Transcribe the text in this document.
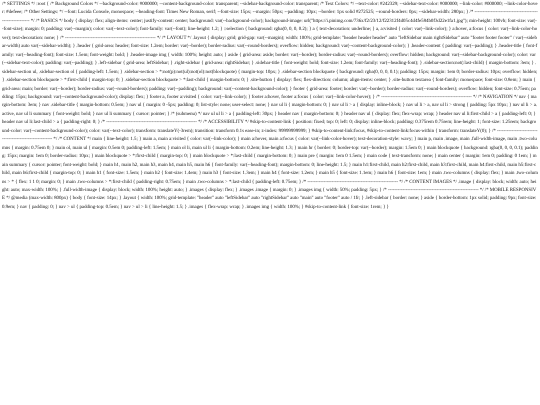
/* SETTINGS */ :root { /* Background Colors */ --background-color: #000000; --content-background-color: transparent; --sidebar-background-color: transparent; /* Text Colors: */ --text-color: #242329; --sidebar-text-color: #000000; --link-color: #000000; --link-color-hover: #defeee; /* Other Settings: */ --font: Lucida Console, monospace; --heading-font: Times New Roman, serif; --font-size: 15px; --margin: 50px; --padding: 10px; --border: 1px solid #272525; --round-borders: 0px; --sidebar-width: 280px; } /* -------------------------------------------------------- */ /* BASICS */ body { display: flex; align-items: center; justify-content: center; background: var(--background-color); background-image: url("https://i.pinimg.com/736x/f2/23/12/f22312f4d05c4d4fe584b0f3d22e1fa1.jpg"); min-height: 100vh; font-size: var(--font-size); margin: 0; padding: var(--margin); color: var(--text-color); font-family: var(--font); line-height: 1.2; } ::selection { background: rgba(0, 0, 0, 0.2); } a { text-decoration: underline; } a, a:visited { color: var(--link-color); } a:hover, a:focus { color: var(--link-color-hover); text-decoration: none; } /* -------------------------------------------------------- */ /* LAYOUT */ .layout { display: grid; grid-gap: var(--margin); width: 100%; grid-template: "header header header" auto "leftSidebar main rightSidebar" auto "footer footer footer" / var(--sidebar-width) auto var(--sidebar-width); } .header { grid-area: header; font-size: 1.2em; border: var(--border); border-radius: var(--round-borders); overflow: hidden; background: var(--content-background-color); } .header-content { padding: var(--padding); } .header-title { font-family: var(--heading-font); font-size: 1.5em; font-weight: bold; } .header-image img { width: 100%; height: auto; } aside { grid-area: aside; border: var(--border); border-radius: var(--round-borders); overflow: hidden; background: var(--sidebar-background-color); color: var(--sidebar-text-color); padding: var(--padding); } .left-sidebar { grid-area: leftSidebar; } .right-sidebar { grid-area: rightSidebar; } .sidebar-title { font-weight: bold; font-size: 1.2em; font-family: var(--heading-font); } .sidebar-section:not(:last-child) { margin-bottom: 3em; } .sidebar-section ul, .sidebar-section ol { padding-left: 1.5em; } .sidebar-section > *:not(p):not(ul):not(ol):not(blockquote) { margin-top: 10px; } .sidebar-section blockquote { background: rgba(0, 0, 0, 0.1); padding: 15px; margin: 1em 0; border-radius: 10px; overflow: hidden; } .sidebar-section blockquote > *:first-child { margin-top: 0; } .sidebar-section blockquote > *:last-child { margin-bottom: 0; } .site-button { display: flex; flex-direction: column; align-items: center; } .site-button textarea { font-family: monospace; font-size: 0.8em; } main { grid-area: main; border: var(--border); border-radius: var(--round-borders); padding: var(--padding); background: var(--content-background-color); } footer { grid-area: footer; border: var(--border); border-radius: var(--round-borders); overflow: hidden; font-size: 0.75em; padding: 15px; background: var(--content-background-color); display: flex; } footer a, footer a:visited { color: var(--link-color); } footer a:hover, footer a:focus { color: var(--link-color-hover); } /* -------------------------------------------------------- */ /* NAVIGATION */ nav { margin-bottom: 3em; } nav .sidebar-title { margin-bottom: 0.5em; } nav ul { margin: 0 -5px; padding: 0; list-style: none; user-select: none; } nav ul li { margin-bottom: 0; } nav ul li > a { display: inline-block; } nav ul li > a, nav ul li > strong { padding: 5px 10px; } nav ul li > a.active, nav ul li summary { font-weight: bold; } nav ul li summary { cursor: pointer; } /* (submenu) */ nav ul ul li > a { padding-left: 30px; } header nav { margin-bottom: 0; } header nav ul { display: flex; flex-wrap: wrap; } header nav ul li:first-child > a { padding-left: 0; } header nav ul li:last-child > a { padding-right: 0; } /* -------------------------------------------------------- */ /* ACCESSIBILITY */ #skip-to-content-link { position: fixed; top: 0; left: 0; display: inline-block; padding: 0.375rem 0.75rem; line-height: 1; font-size: 1.25rem; background-color: var(--content-background-color); color: var(--text-color); transform: translateY(-3rem); transition: transform 0.1s ease-in; z-index: 99999999999; } #skip-to-content-link:focus, #skip-to-content-link:focus-within { transform: translateY(0); } /* -------------------------------------------------------- */ /* CONTENT */ main { line-height: 1.5; } main a, main a:visited { color: var(--link-color); } main a:hover, main a:focus { color: var(--link-color-hover); text-decoration-style: wavy; } main p, main .image, main .full-width-image, main .two-columns { margin: 0.75em 0; } main ol, main ul { margin: 0.5em 0; padding-left: 1.5em; } main ol li, main ul li { margin-bottom: 0.2em; line-height: 1.3; } main hr { border: 0; border-top: var(--border); margin: 1.5em 0; } main blockquote { background: rgba(0, 0, 0, 0.1); padding: 15px; margin: 1em 0; border-radius: 10px; } main blockquote > *:first-child { margin-top: 0; } main blockquote > *:last-child { margin-bottom: 0; } main pre { margin: 1em 0 1.5em; } main code { text-transform: none; } main center { margin: 1em 0; padding: 0 1em; } main summary { cursor: pointer; font-weight: bold; } main h1, main h2, main h3, main h4, main h5, main h6 { font-family: var(--heading-font); margin-bottom: 0; line-height: 1.5; } main h1:first-child, main h2:first-child, main h3:first-child, main h4:first-child, main h5:first-child, main h6:first-child { margin-top: 0; } main h1 { font-size: 1.5em; } main h2 { font-size: 1.4em; } main h3 { font-size: 1.3em; } main h4 { font-size: 1.2em; } main h5 { font-size: 1.1em; } main h6 { font-size: 1em; } main .two-columns { display: flex; } main .two-columns > * { flex: 1 1 0; margin: 0; } main .two-columns > *:first-child { padding-right: 0.75em; } main .two-columns > *:last-child { padding-left: 0.75em; } /* -------------------------------------------------------- */ /* CONTENT IMAGES */ .image { display: block; width: auto; height: auto; max-width: 100%; } .full-width-image { display: block; width: 100%; height: auto; } .images { display: flex; } .images .image { margin: 0; } .images img { width: 50%; padding: 5px; } /* -------------------------------------------------------- */ /* MOBILE RESPONSIVE */ @media (max-width: 800px) { body { font-size: 14px; } .layout { width: 100%; grid-template: "header" auto "leftSidebar" auto "rightSidebar" auto "main" auto "footer" auto / 1fr; } .left-sidebar { border: none; } aside { border-bottom: 1px solid; padding: 9px; font-size: 0.9em; } nav { padding: 0; } nav > ul { padding-top: 0.5em; } nav > ul > li { line-height: 1.5; } .images { flex-wrap: wrap; } .images img { width: 100%; } #skip-to-content-link { font-size: 1rem; } }
